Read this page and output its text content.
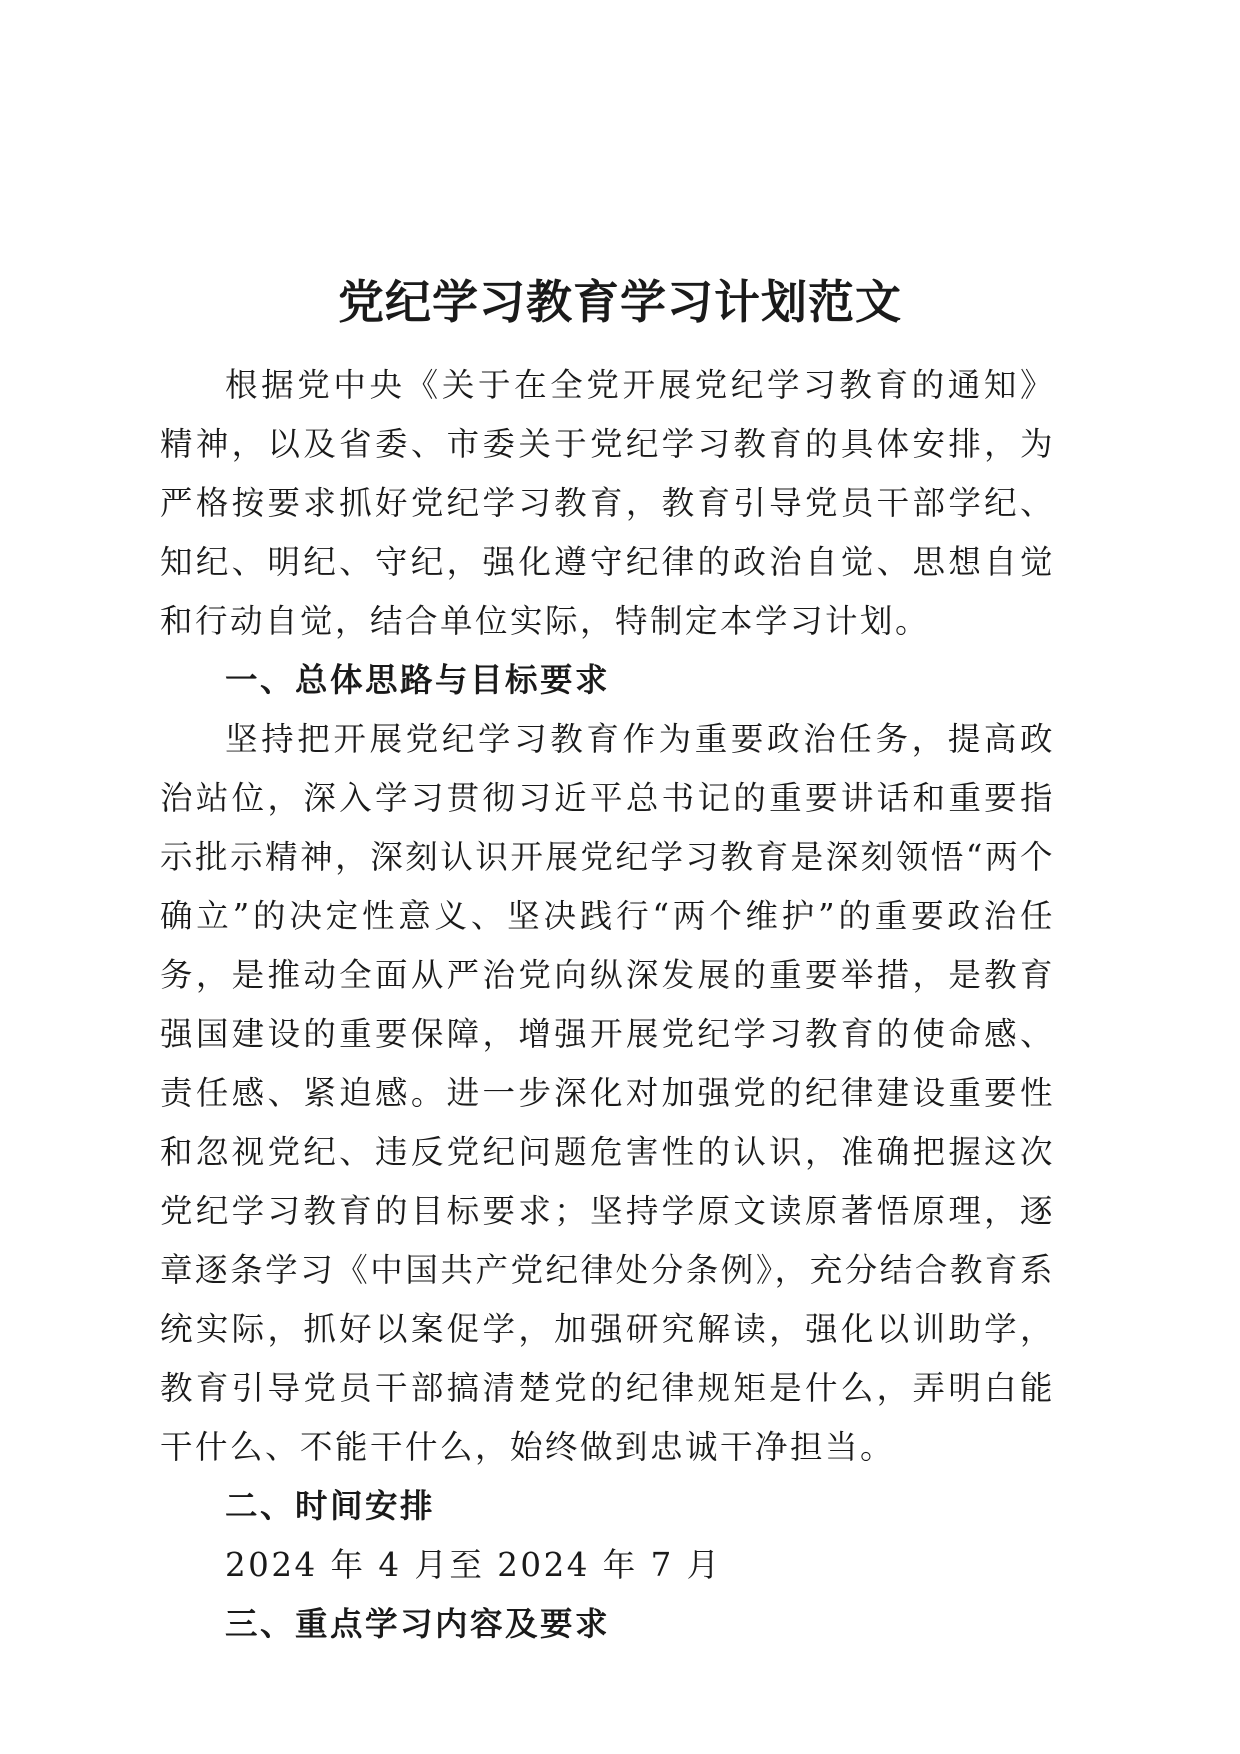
党纪学习教育学习计划范文

根据党中央《关于在全党开展党纪学习教育的通知》精神，以及省委、市委关于党纪学习教育的具体安排，为严格按要求抓好党纪学习教育，教育引导党员干部学纪、知纪、明纪、守纪，强化遵守纪律的政治自觉、思想自觉和行动自觉，结合单位实际，特制定本学习计划。

一、总体思路与目标要求

坚持把开展党纪学习教育作为重要政治任务，提高政治站位，深入学习贯彻习近平总书记的重要讲话和重要指示批示精神，深刻认识开展党纪学习教育是深刻领悟“两个确立”的决定性意义、坚决践行“两个维护”的重要政治任务，是推动全面从严治党向纵深发展的重要举措，是教育强国建设的重要保障，增强开展党纪学习教育的使命感、责任感、紧迫感。进一步深化对加强党的纪律建设重要性和忽视党纪、违反党纪问题危害性的认识，准确把握这次党纪学习教育的目标要求；坚持学原文读原著悟原理，逐章逐条学习《中国共产党纪律处分条例》，充分结合教育系统实际，抓好以案促学，加强研究解读，强化以训助学，教育引导党员干部搞清楚党的纪律规矩是什么，弄明白能干什么、不能干什么，始终做到忠诚干净担当。

二、时间安排

2024 年 4 月至 2024 年 7 月

三、重点学习内容及要求
